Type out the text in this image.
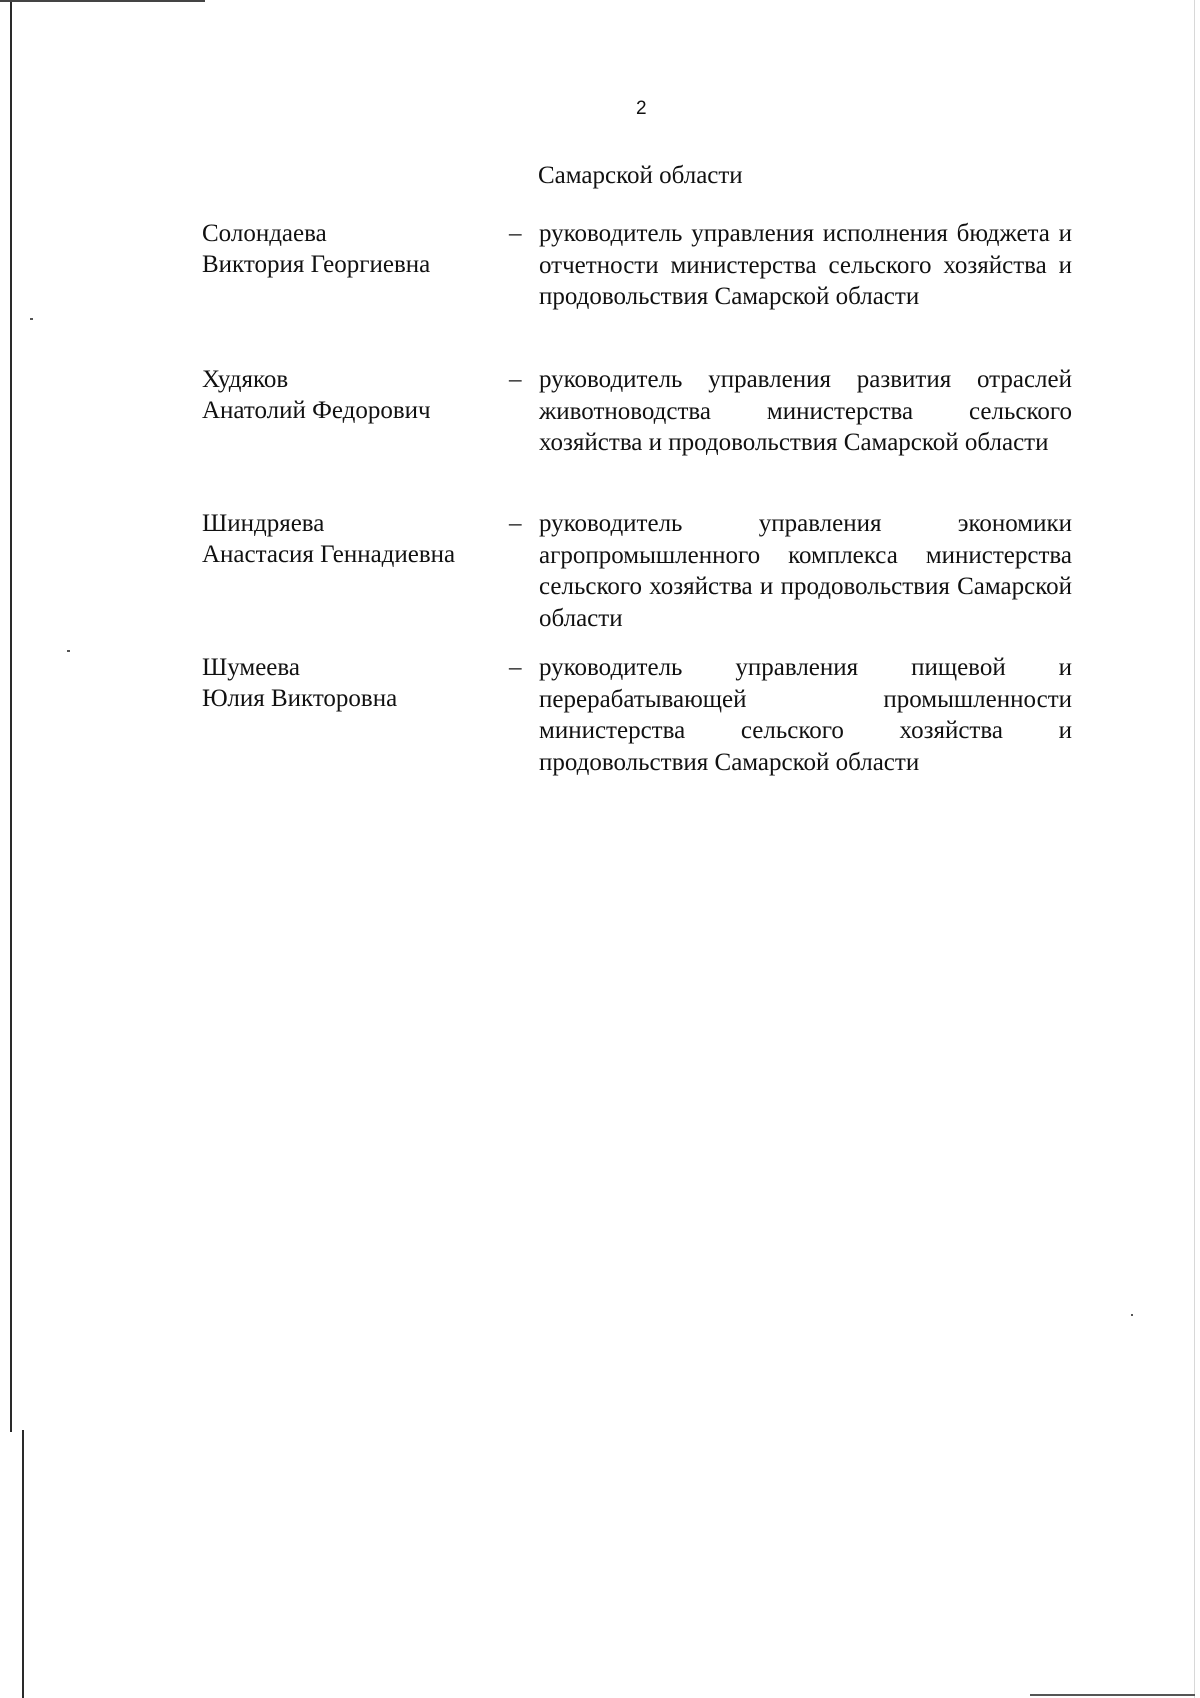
2
Самарской области
Солондаева
Виктория Георгиевна
– руководитель управления исполнения бюджета и отчетности министерства сельского хозяйства и продовольствия Самарской области
Худяков
Анатолий Федорович
– руководитель управления развития отраслей животноводства министерства сельского хозяйства и продовольствия Самарской области
Шиндряева
Анастасия Геннадиевна
– руководитель управления экономики агропромышленного комплекса министерства сельского хозяйства и продовольствия Самарской области
Шумеева
Юлия Викторовна
– руководитель управления пищевой и перерабатывающей промышленности министерства сельского хозяйства и продовольствия Самарской области
